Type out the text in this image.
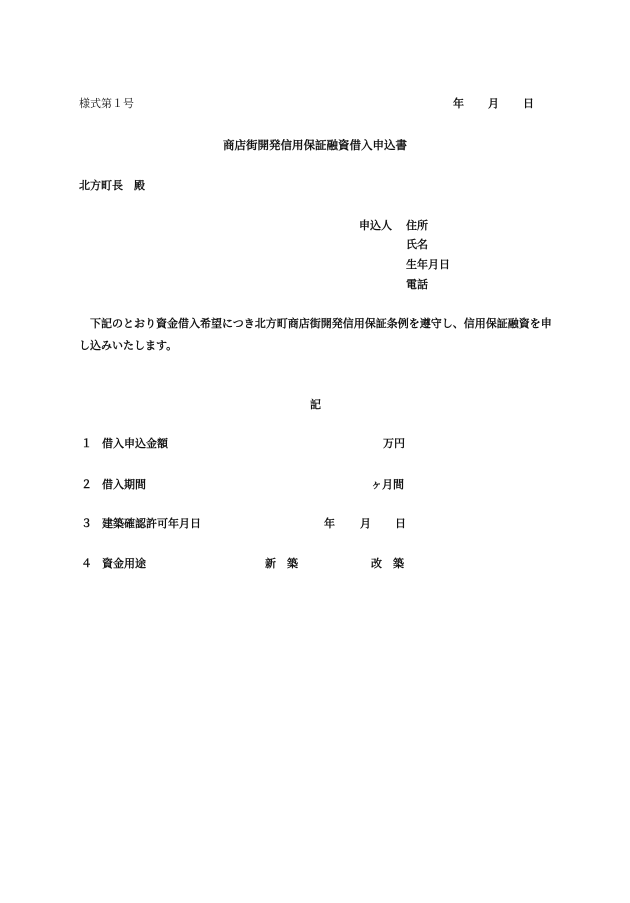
様式第１号	年 月 日
商店街開発信用保証融資借入申込書
北方町長　殿
申込人 住所
氏名
生年月日
電話
下記のとおり資金借入希望につき北方町商店街開発信用保証条例を遵守し、信用保証融資を申し込みいたします。
記
１ 借入申込金額	万円
２ 借入期間	ヶ月間
３ 建築確認許可年月日	年 月 日
４ 資金用途	新　築	改　築
